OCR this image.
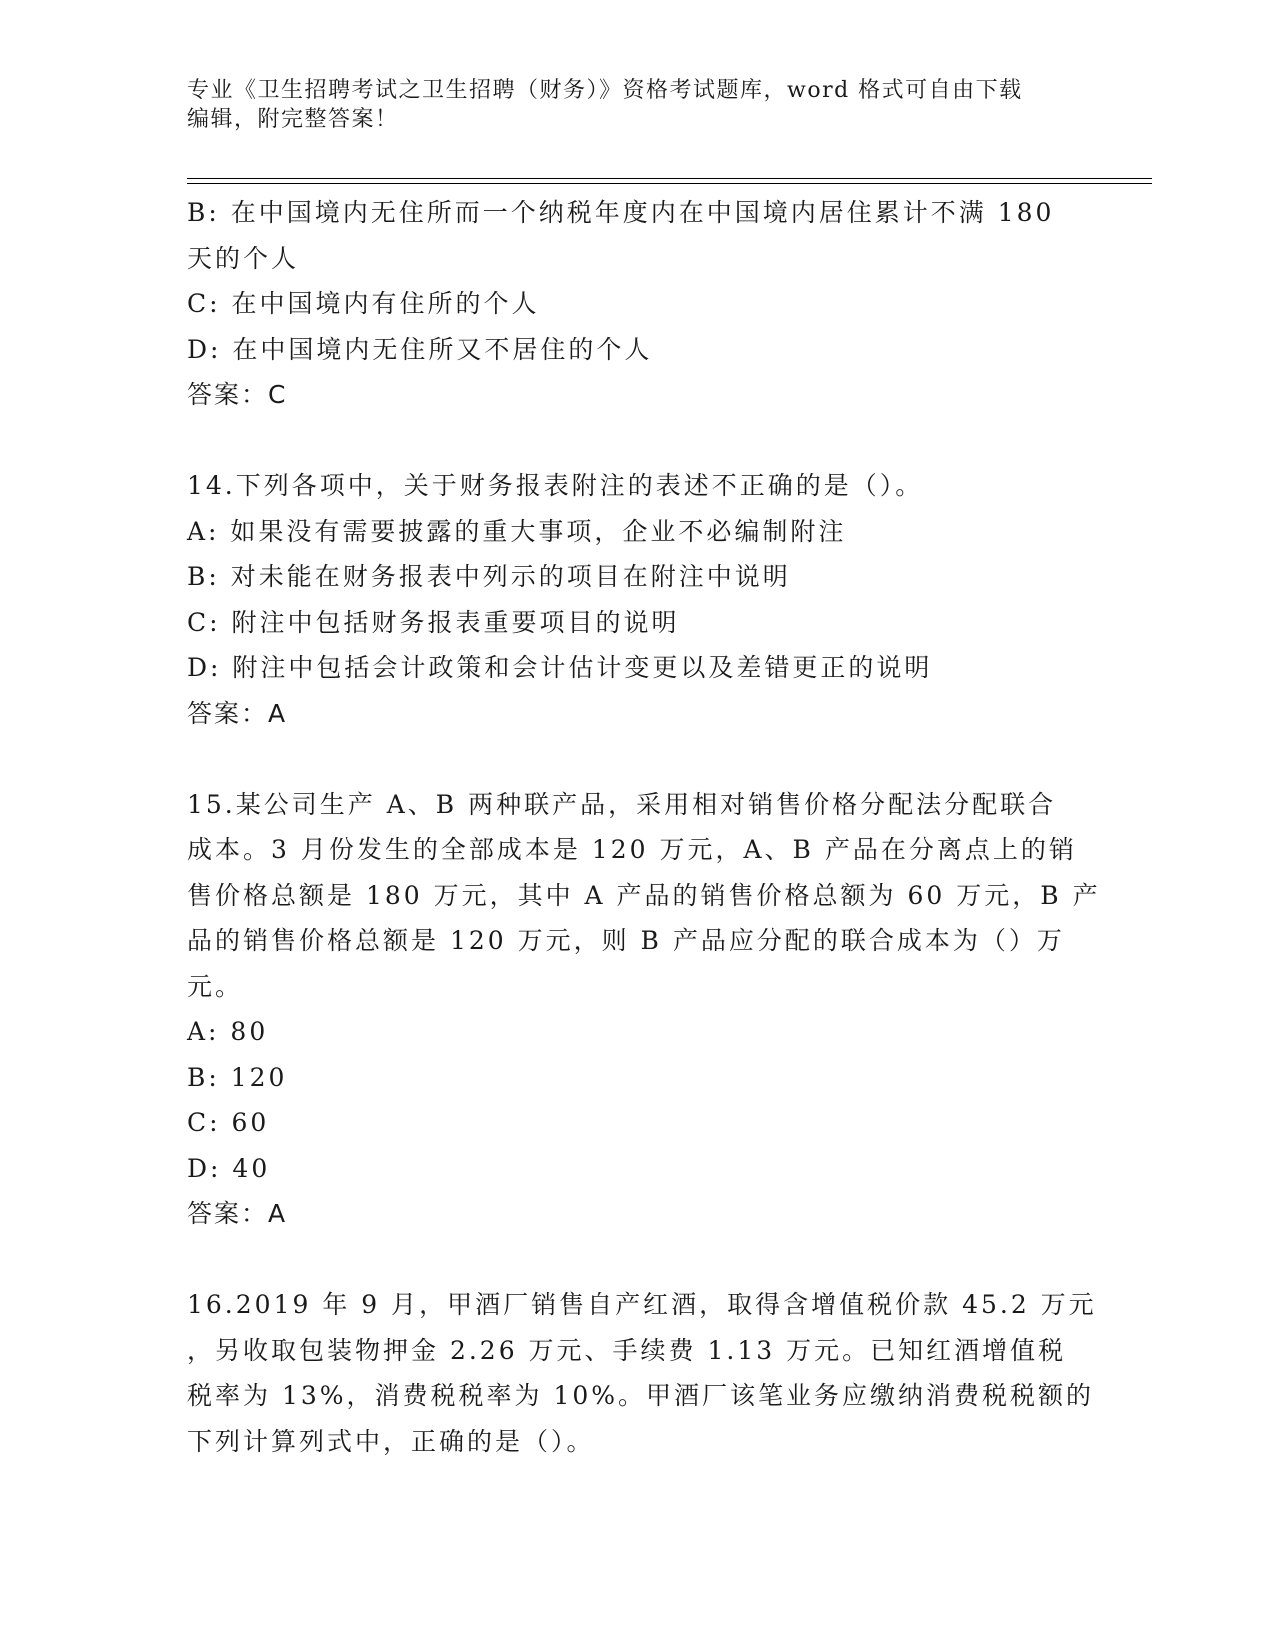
专业《卫生招聘考试之卫生招聘（财务）》资格考试题库，word 格式可自由下载
编辑，附完整答案！
B: 在中国境内无住所而一个纳税年度内在中国境内居住累计不满 180
天的个人
C: 在中国境内有住所的个人
D: 在中国境内无住所又不居住的个人
答案：C
14.下列各项中，关于财务报表附注的表述不正确的是（）。
A: 如果没有需要披露的重大事项，企业不必编制附注
B: 对未能在财务报表中列示的项目在附注中说明
C: 附注中包括财务报表重要项目的说明
D: 附注中包括会计政策和会计估计变更以及差错更正的说明
答案：A
15.某公司生产 A、B 两种联产品，采用相对销售价格分配法分配联合
成本。3 月份发生的全部成本是 120 万元，A、B 产品在分离点上的销
售价格总额是 180 万元，其中 A 产品的销售价格总额为 60 万元，B 产
品的销售价格总额是 120 万元，则 B 产品应分配的联合成本为（）万
元。
A: 80
B: 120
C: 60
D: 40
答案：A
16.2019 年 9 月，甲酒厂销售自产红酒，取得含增值税价款 45.2 万元
，另收取包装物押金 2.26 万元、手续费 1.13 万元。已知红酒增值税
税率为 13%，消费税税率为 10%。甲酒厂该笔业务应缴纳消费税税额的
下列计算列式中，正确的是（）。
